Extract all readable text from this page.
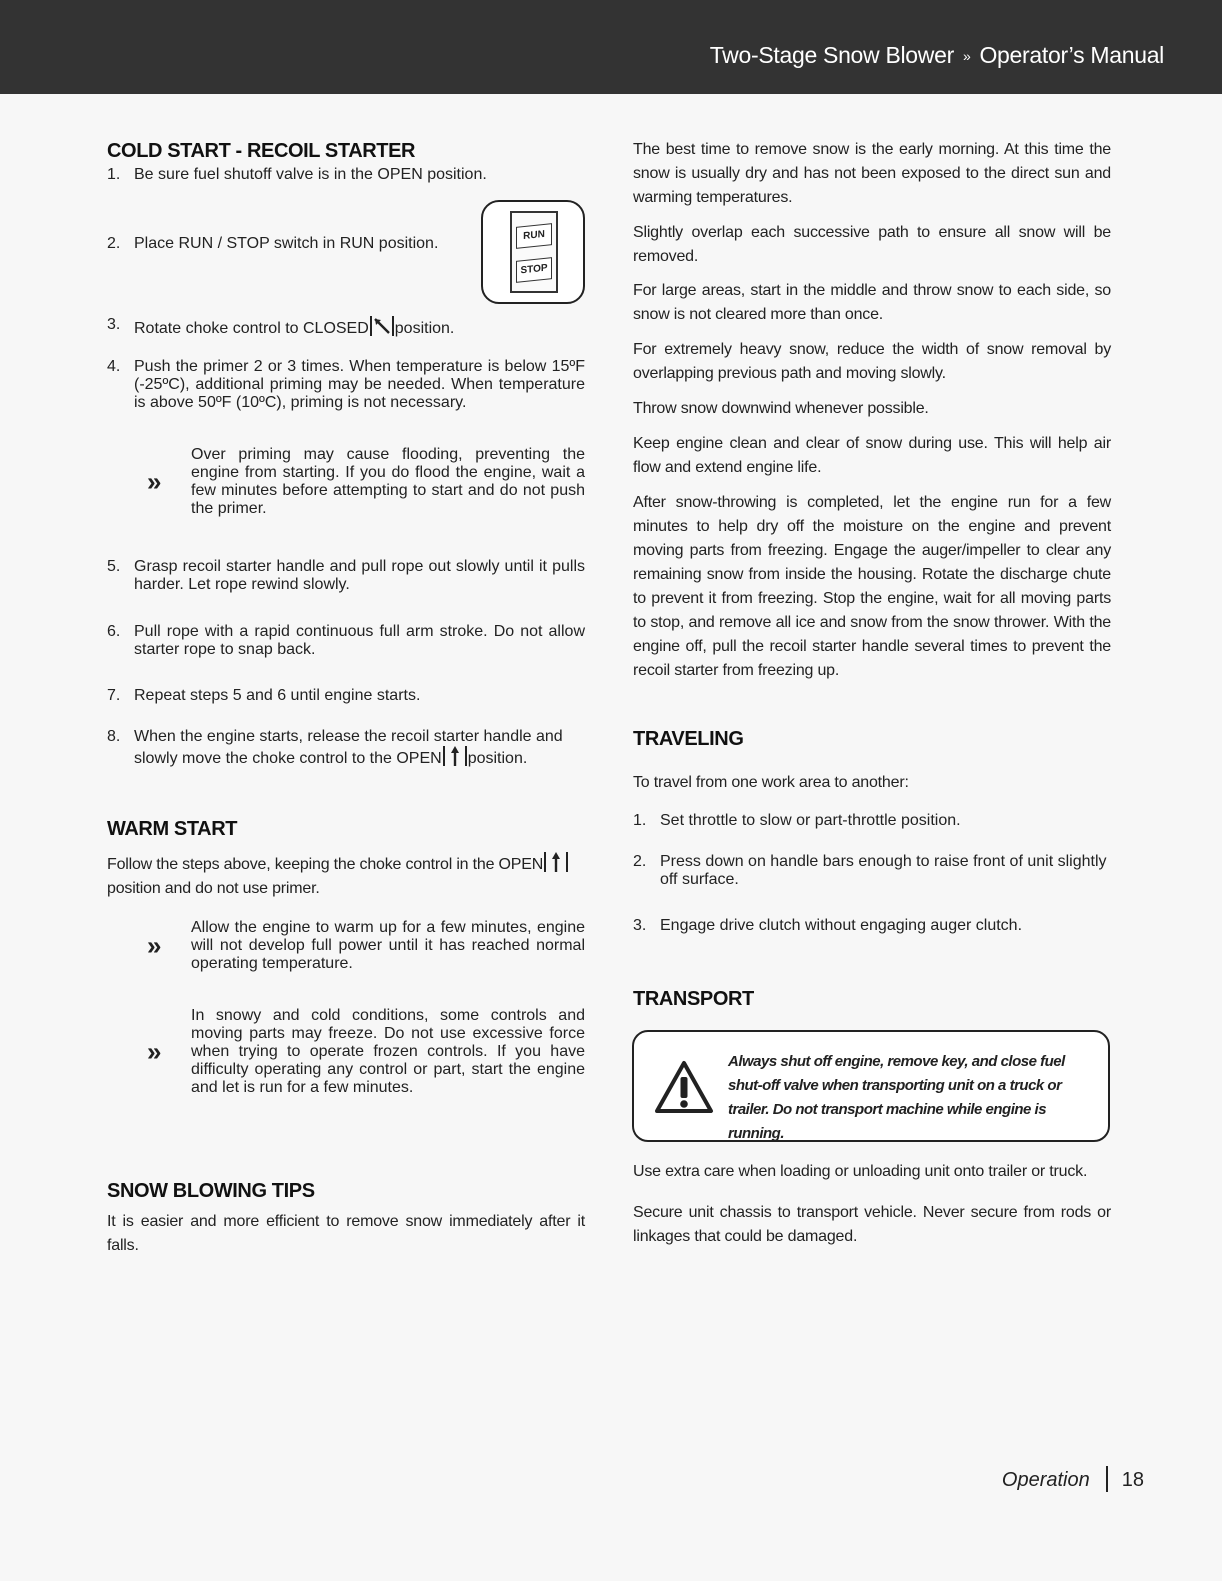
Two-Stage Snow Blower » Operator’s Manual
COLD START - RECOIL STARTER
1. Be sure fuel shutoff valve is in the OPEN position.
2. Place RUN / STOP switch in RUN position.	RUN
STOP
3. Rotate choke control to CLOSED position.
4. Push the primer 2 or 3 times. When temperature is below 15ºF (-25ºC), additional priming may be needed. When temperature is above 50ºF (10ºC), priming is not necessary.
»
Over priming may cause flooding, preventing the engine from starting. If you do flood the engine, wait a few minutes before attempting to start and do not push the primer.
5. Grasp recoil starter handle and pull rope out slowly until it pulls harder. Let rope rewind slowly.
6. Pull rope with a rapid continuous full arm stroke. Do not allow starter rope to snap back.
7. Repeat steps 5 and 6 until engine starts.
8. When the engine starts, release the recoil starter handle and slowly move the choke control to the OPEN position.
WARM START

Follow the steps above, keeping the choke control in the OPENposition and do not use primer.

»
Allow the engine to warm up for a few minutes, engine will not develop full power until it has reached normal operating temperature.
»
In snowy and cold conditions, some controls and moving parts may freeze. Do not use excessive force when trying to operate frozen controls. If you have difficulty operating any control or part, start the engine and let is run for a few minutes.
SNOW BLOWING TIPS

It is easier and more efficient to remove snow immediately after it falls.

The best time to remove snow is the early morning. At this time the snow is usually dry and has not been exposed to the direct sun and warming temperatures.

Slightly overlap each successive path to ensure all snow will be removed.

For large areas, start in the middle and throw snow to each side, so snow is not cleared more than once.

For extremely heavy snow, reduce the width of snow removal by overlapping previous path and moving slowly.

Throw snow downwind whenever possible.

Keep engine clean and clear of snow during use. This will help air flow and extend engine life.

After snow-throwing is completed, let the engine run for a few minutes to help dry off the moisture on the engine and prevent moving parts from freezing. Engage the auger/impeller to clear any remaining snow from inside the housing. Rotate the discharge chute to prevent it from freezing. Stop the engine, wait for all moving parts to stop, and remove all ice and snow from the snow thrower. With the engine off, pull the recoil starter handle several times to prevent the recoil starter from freezing up.

TRAVELING

To travel from one work area to another:

1. Set throttle to slow or part-throttle position.
2. Press down on handle bars enough to raise front of unit slightly off surface.
3. Engage drive clutch without engaging auger clutch.
TRANSPORT
Always shut off engine, remove key, and close fuel shut-off valve when transporting unit on a truck or trailer. Do not transport machine while engine is running.

Use extra care when loading or unloading unit onto trailer or truck.

Secure unit chassis to transport vehicle. Never secure from rods or linkages that could be damaged.

Operation 18
